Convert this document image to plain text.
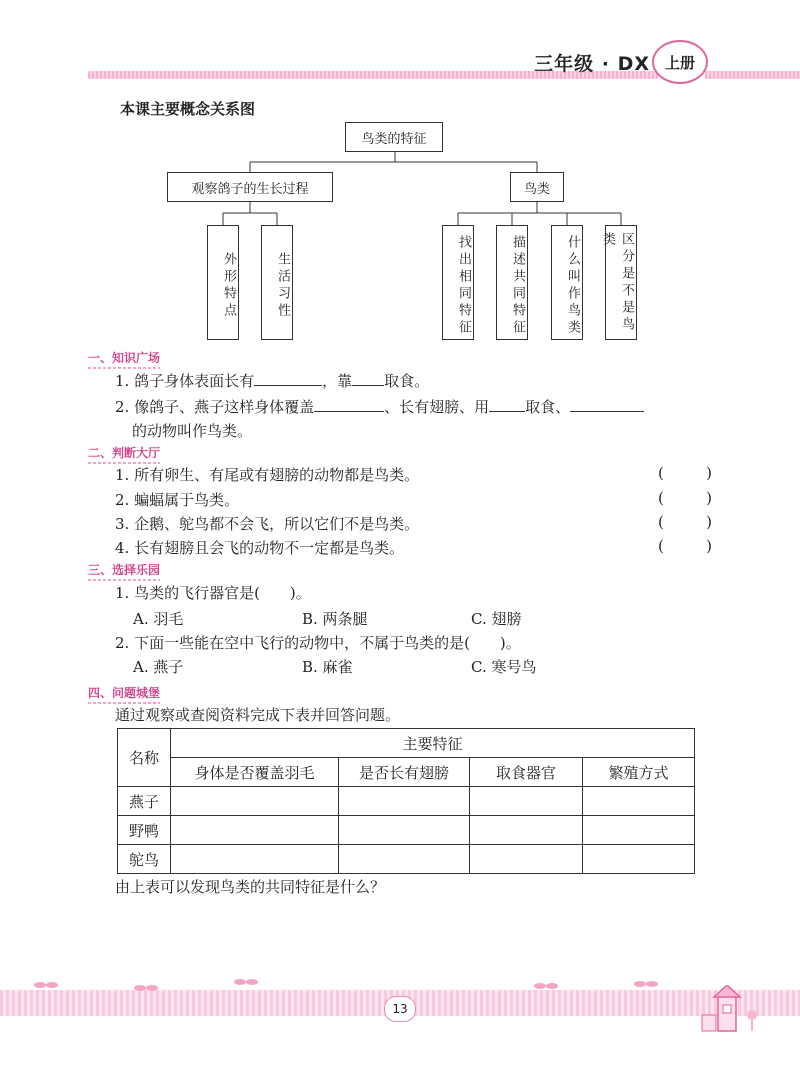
三年级 · DX 上册
本课主要概念关系图
鸟类的特征
观察鸽子的生长过程	鸟类
外形特点	生活习性	找出相同特征	描述共同特征	什么叫作鸟类	区分是不是鸟类
一、知识广场
1. 鸽子身体表面长有	，靠 取食。
2. 像鸽子、燕子这样身体覆盖	、长有翅膀、用 取食、
的动物叫作鸟类。
二、判断大厅
1. 所有卵生、有尾或有翅膀的动物都是鸟类。	(	)
2. 蝙蝠属于鸟类。	(	)
3. 企鹅、鸵鸟都不会飞，所以它们不是鸟类。	(	)
4. 长有翅膀且会飞的动物不一定都是鸟类。	(	)
三、选择乐园
1. 鸟类的飞行器官是(　　)。
A. 羽毛	B. 两条腿	C. 翅膀
2. 下面一些能在空中飞行的动物中，不属于鸟类的是(　　)。
A. 燕子	B. 麻雀	C. 寒号鸟
四、问题城堡
通过观察或查阅资料完成下表并回答问题。
名称	主要特征			
	身体是否覆盖羽毛	是否长有翅膀	取食器官	繁殖方式
燕子				
野鸭				
鸵鸟				
由上表可以发现鸟类的共同特征是什么？
13
